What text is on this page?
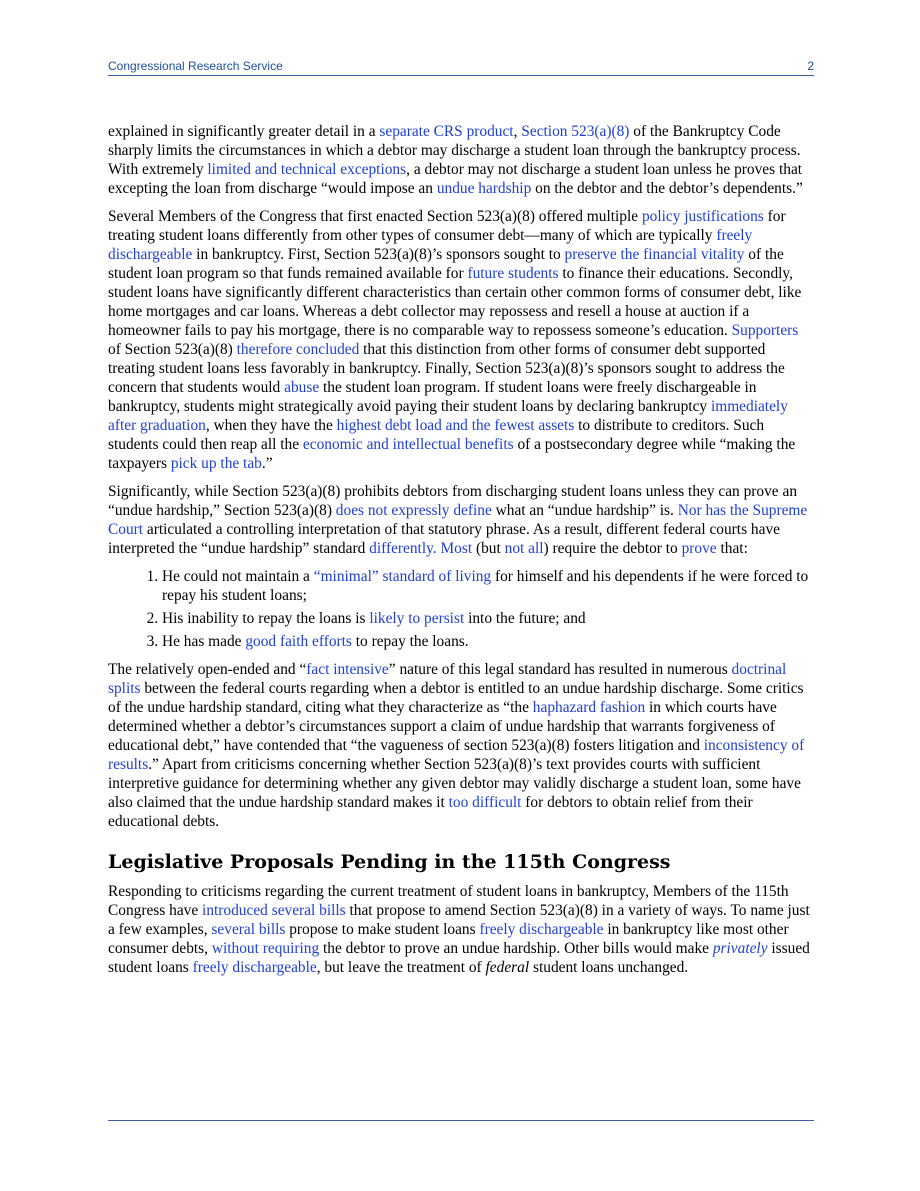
Congressional Research Service	2

explained in significantly greater detail in a separate CRS product, Section 523(a)(8) of the Bankruptcy Code sharply limits the circumstances in which a debtor may discharge a student loan through the bankruptcy process. With extremely limited and technical exceptions, a debtor may not discharge a student loan unless he proves that excepting the loan from discharge “would impose an undue hardship on the debtor and the debtor’s dependents.”

Several Members of the Congress that first enacted Section 523(a)(8) offered multiple policy justifications for treating student loans differently from other types of consumer debt—many of which are typically freely dischargeable in bankruptcy. First, Section 523(a)(8)’s sponsors sought to preserve the financial vitality of the student loan program so that funds remained available for future students to finance their educations. Secondly, student loans have significantly different characteristics than certain other common forms of consumer debt, like home mortgages and car loans. Whereas a debt collector may repossess and resell a house at auction if a homeowner fails to pay his mortgage, there is no comparable way to repossess someone’s education. Supporters of Section 523(a)(8) therefore concluded that this distinction from other forms of consumer debt supported treating student loans less favorably in bankruptcy. Finally, Section 523(a)(8)’s sponsors sought to address the concern that students would abuse the student loan program. If student loans were freely dischargeable in bankruptcy, students might strategically avoid paying their student loans by declaring bankruptcy immediately after graduation, when they have the highest debt load and the fewest assets to distribute to creditors. Such students could then reap all the economic and intellectual benefits of a postsecondary degree while “making the taxpayers pick up the tab.”

Significantly, while Section 523(a)(8) prohibits debtors from discharging student loans unless they can prove an “undue hardship,” Section 523(a)(8) does not expressly define what an “undue hardship” is. Nor has the Supreme Court articulated a controlling interpretation of that statutory phrase. As a result, different federal courts have interpreted the “undue hardship” standard differently. Most (but not all) require the debtor to prove that:

1. He could not maintain a “minimal” standard of living for himself and his dependents if he were forced to repay his student loans;
2. His inability to repay the loans is likely to persist into the future; and
3. He has made good faith efforts to repay the loans.

The relatively open-ended and “fact intensive” nature of this legal standard has resulted in numerous doctrinal splits between the federal courts regarding when a debtor is entitled to an undue hardship discharge. Some critics of the undue hardship standard, citing what they characterize as “the haphazard fashion in which courts have determined whether a debtor’s circumstances support a claim of undue hardship that warrants forgiveness of educational debt,” have contended that “the vagueness of section 523(a)(8) fosters litigation and inconsistency of results.” Apart from criticisms concerning whether Section 523(a)(8)’s text provides courts with sufficient interpretive guidance for determining whether any given debtor may validly discharge a student loan, some have also claimed that the undue hardship standard makes it too difficult for debtors to obtain relief from their educational debts.

Legislative Proposals Pending in the 115th Congress

Responding to criticisms regarding the current treatment of student loans in bankruptcy, Members of the 115th Congress have introduced several bills that propose to amend Section 523(a)(8) in a variety of ways. To name just a few examples, several bills propose to make student loans freely dischargeable in bankruptcy like most other consumer debts, without requiring the debtor to prove an undue hardship. Other bills would make privately issued student loans freely dischargeable, but leave the treatment of federal student loans unchanged.
